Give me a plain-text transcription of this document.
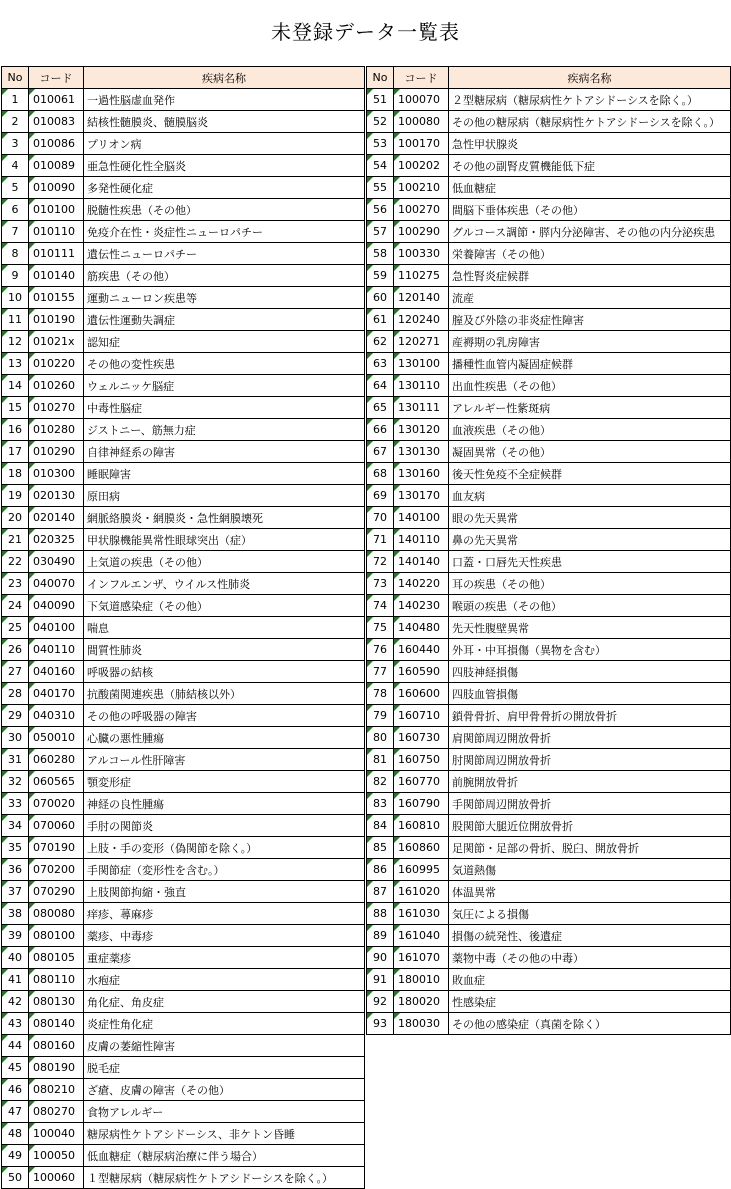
未登録データ一覧表
No	コード	疾病名称
1	010061	一過性脳虚血発作
2	010083	結核性髄膜炎、髄膜脳炎
3	010086	プリオン病
4	010089	亜急性硬化性全脳炎
5	010090	多発性硬化症
6	010100	脱髄性疾患（その他）
7	010110	免疫介在性・炎症性ニューロパチー
8	010111	遺伝性ニューロパチー
9	010140	筋疾患（その他）
10	010155	運動ニューロン疾患等
11	010190	遺伝性運動失調症
12	01021x	認知症
13	010220	その他の変性疾患
14	010260	ウェルニッケ脳症
15	010270	中毒性脳症
16	010280	ジストニー、筋無力症
17	010290	自律神経系の障害
18	010300	睡眠障害
19	020130	原田病
20	020140	網脈絡膜炎・網膜炎・急性網膜壊死
21	020325	甲状腺機能異常性眼球突出（症）
22	030490	上気道の疾患（その他）
23	040070	インフルエンザ、ウイルス性肺炎
24	040090	下気道感染症（その他）
25	040100	喘息
26	040110	間質性肺炎
27	040160	呼吸器の結核
28	040170	抗酸菌関連疾患（肺結核以外）
29	040310	その他の呼吸器の障害
30	050010	心臓の悪性腫瘍
31	060280	アルコール性肝障害
32	060565	顎変形症
33	070020	神経の良性腫瘍
34	070060	手肘の関節炎
35	070190	上肢・手の変形（偽関節を除く。）
36	070200	手関節症（変形性を含む。）
37	070290	上肢関節拘縮・強直
38	080080	痒疹、蕁麻疹
39	080100	薬疹、中毒疹
40	080105	重症薬疹
41	080110	水疱症
42	080130	角化症、角皮症
43	080140	炎症性角化症
44	080160	皮膚の萎縮性障害
45	080190	脱毛症
46	080210	ざ瘡、皮膚の障害（その他）
47	080270	食物アレルギー
48	100040	糖尿病性ケトアシドーシス、非ケトン昏睡
49	100050	低血糖症（糖尿病治療に伴う場合）
50	100060	１型糖尿病（糖尿病性ケトアシドーシスを除く。）
No	コード	疾病名称
51	100070	２型糖尿病（糖尿病性ケトアシドーシスを除く。）
52	100080	その他の糖尿病（糖尿病性ケトアシドーシスを除く。）
53	100170	急性甲状腺炎
54	100202	その他の副腎皮質機能低下症
55	100210	低血糖症
56	100270	間脳下垂体疾患（その他）
57	100290	グルコース調節・膵内分泌障害、その他の内分泌疾患
58	100330	栄養障害（その他）
59	110275	急性腎炎症候群
60	120140	流産
61	120240	膣及び外陰の非炎症性障害
62	120271	産褥期の乳房障害
63	130100	播種性血管内凝固症候群
64	130110	出血性疾患（その他）
65	130111	アレルギー性紫斑病
66	130120	血液疾患（その他）
67	130130	凝固異常（その他）
68	130160	後天性免疫不全症候群
69	130170	血友病
70	140100	眼の先天異常
71	140110	鼻の先天異常
72	140140	口蓋・口唇先天性疾患
73	140220	耳の疾患（その他）
74	140230	喉頭の疾患（その他）
75	140480	先天性腹壁異常
76	160440	外耳・中耳損傷（異物を含む）
77	160590	四肢神経損傷
78	160600	四肢血管損傷
79	160710	鎖骨骨折、肩甲骨骨折の開放骨折
80	160730	肩関節周辺開放骨折
81	160750	肘関節周辺開放骨折
82	160770	前腕開放骨折
83	160790	手関節周辺開放骨折
84	160810	股関節大腿近位開放骨折
85	160860	足関節・足部の骨折、脱臼、開放骨折
86	160995	気道熱傷
87	161020	体温異常
88	161030	気圧による損傷
89	161040	損傷の続発性、後遺症
90	161070	薬物中毒（その他の中毒）
91	180010	敗血症
92	180020	性感染症
93	180030	その他の感染症（真菌を除く）
